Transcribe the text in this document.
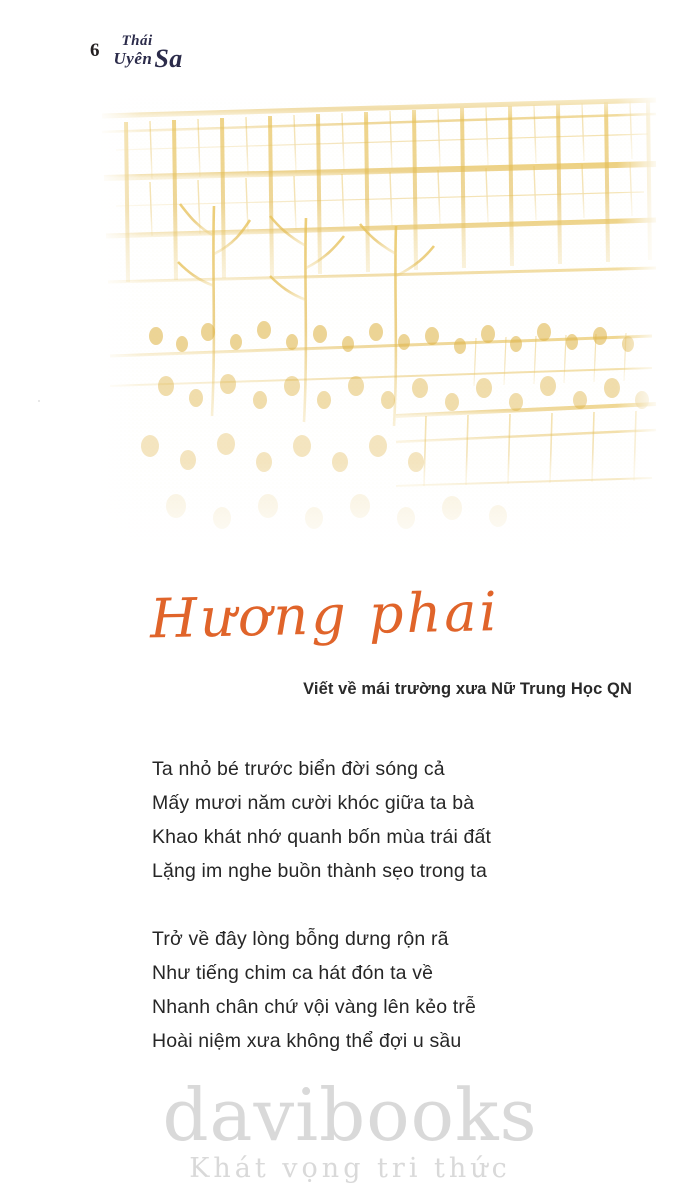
6 Thái
UyênSa
Hương phai
Viết về mái trường xưa Nữ Trung Học QN
Ta nhỏ bé trước biển đời sóng cả
Mấy mươi năm cười khóc giữa ta bà
Khao khát nhớ quanh bốn mùa trái đất
Lặng im nghe buồn thành sẹo trong ta
Trở về đây lòng bỗng dưng rộn rã
Như tiếng chim ca hát đón ta về
Nhanh chân chứ vội vàng lên kẻo trễ
Hoài niệm xưa không thể đợi u sầu
davibooks
Khát vọng tri thức
